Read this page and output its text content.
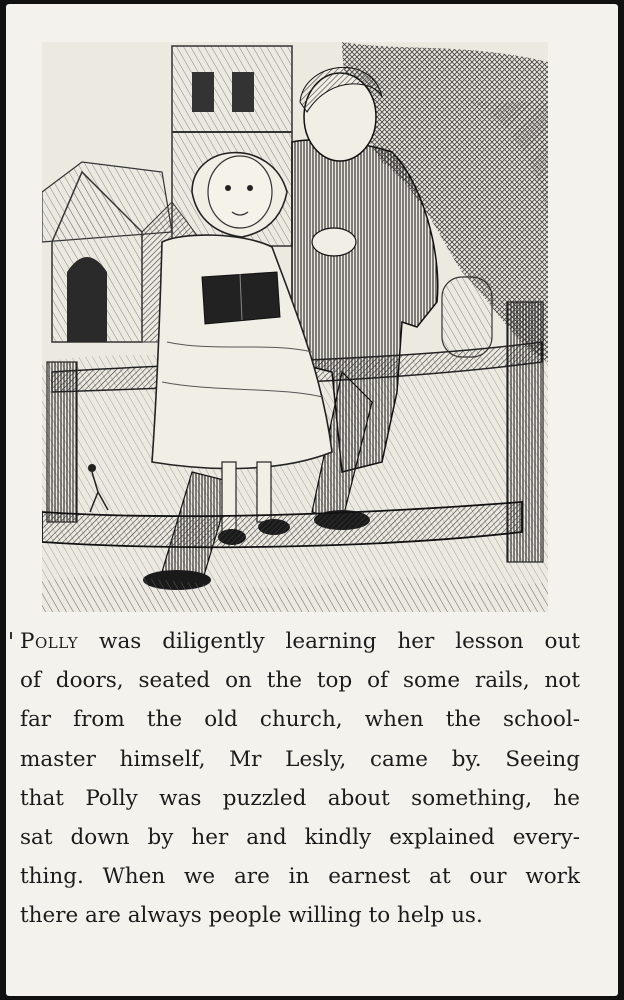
Polly was diligently learning her lesson out
of doors, seated on the top of some rails, not
far from the old church, when the school-
master himself, Mr Lesly, came by. Seeing
that Polly was puzzled about something, he
sat down by her and kindly explained every-
thing. When we are in earnest at our work
there are always people willing to help us.
